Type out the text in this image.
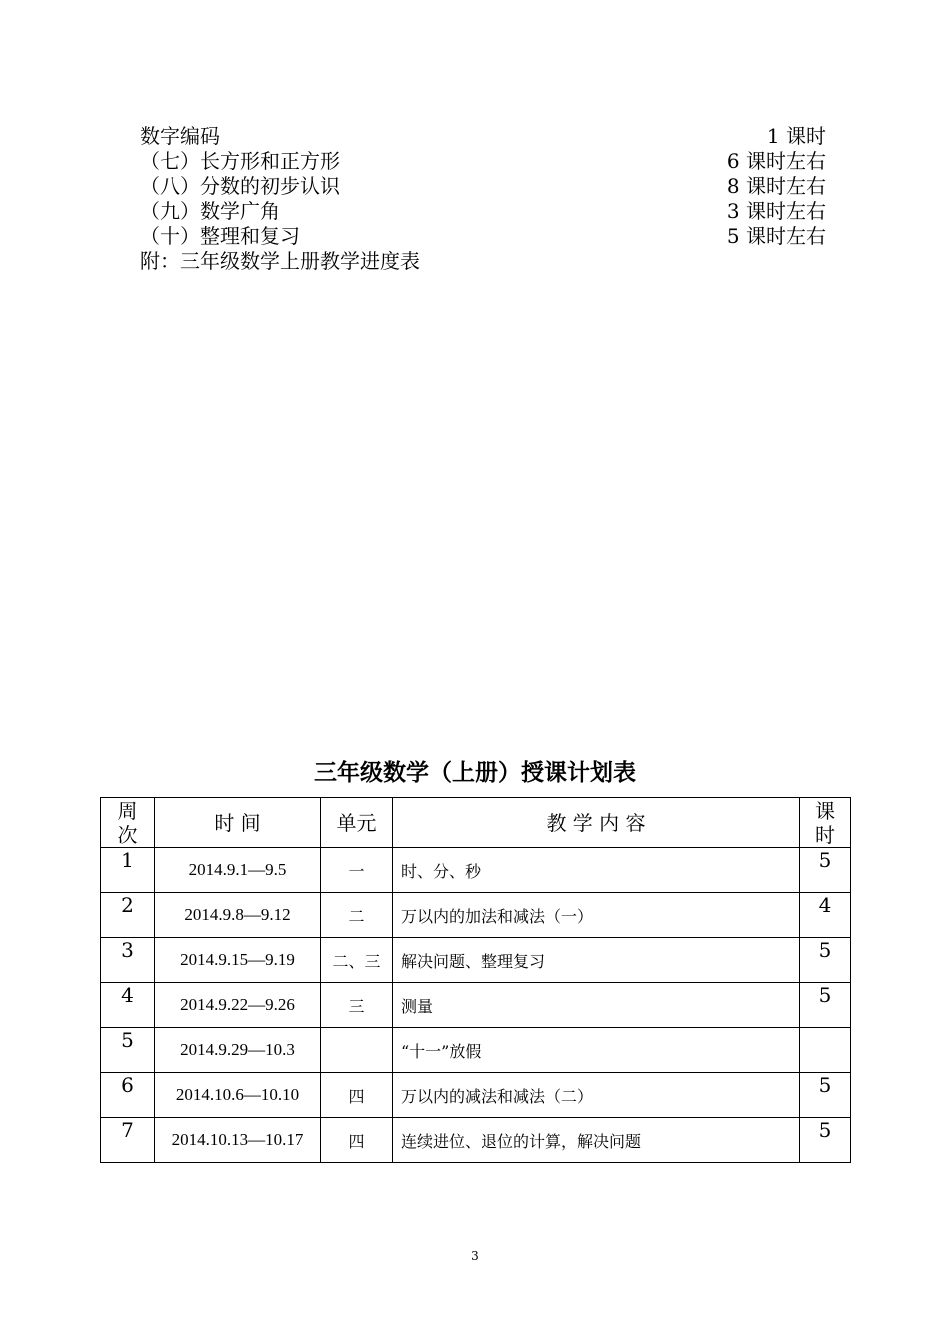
数字编码	1 课时
（七）长方形和正方形	6 课时左右
（八）分数的初步认识	8 课时左右
（九）数学广角	3 课时左右
（十）整理和复习	5 课时左右
附：三年级数学上册教学进度表
三年级数学（上册）授课计划表
周
次	时 间	单元	教 学 内 容	课
时
1	2014.9.1—9.5	一	时、分、秒	5
2	2014.9.8—9.12	二	万以内的加法和减法（一）	4
3	2014.9.15—9.19	二、三	解决问题、整理复习	5
4	2014.9.22—9.26	三	测量	5
5	2014.9.29—10.3		“十一”放假	
6	2014.10.6—10.10	四	万以内的减法和减法（二）	5
7	2014.10.13—10.17	四	连续进位、退位的计算，解决问题	5
3
